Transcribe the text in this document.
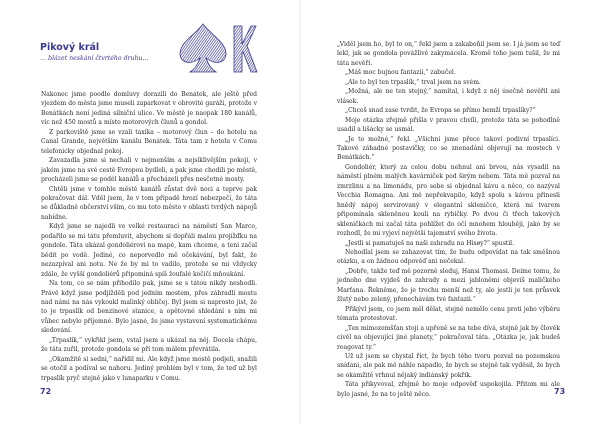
Pikový král
… blázet neskání čtvrtého druhu…

Nakonec jsme poodle domluvy dorazili do Benátek, ale ještě před vjezdem do města jsme museli zaparkovat v obrovité garáži, protože v Benátkách není jediná silniční ulice. Ve městě je naopak 180 kanálů, víc než 450 mostů a místo motorových člunů a gondol.

Z parkoviště jsme se vzali taxíka – motorový člun – do hotelu na Canal Grande, největším kanálu Benátek. Táta tam z hotelu v Comu telefonicky objednal pokoj.

Zavazadla jsme si nechali v nejmenším a nejsíklivějším pokoji, v jakém jsme na své cestě Evropou bydleli, a pak jsme chodili po městě, procházeli jsme se podél kanálů a přecházeli přes nesčetné mosty.

Chtěli jsme v tomhle městě kanálů zůstat dvě noci a teprve pak pokračovat dál. Vděl jsem, že v tom případě hrozí nebezpečí, že táta se důkladně občerství vším, co mu toto město v oblasti tvrdých nápojů nabídne.

Když jsme se najedli ve velké restauraci na náměstí San Marco, podařilo se mi tátu přemluvit, abychom si dopřáli malou projížďku na gondole. Táta ukázal gondoliérovi na mapě, kam chceme, a teni začal bědit po vodě. Jediné, co neporvedlo mě očekávání, byl fakt, že nezazpíval ani notu. Ne že by mi to vadilo, protože se mi vždycky zdálo, že vyšší gondoliérů připomíná spíš žoufalé kočičí mňoukání.

Na tom, co se nám přihodilo pak, jsme se s tátou nikdy neshodli. Právě když jsme podjížděli pod jedním mostem, přes zábradlí mostu nad námi na nás vykoukl malinký obličej. Byl jsem si naprosto jist, že to je trpaslík od benzinové stanice, a opětovné shledání s ním mi vůbec nebylo příjemné. Bylo jasné, že jsme vystavení systematickému sledování.

„Trpaslík,“ vykřikl jsem, vstal jsem a ukázal na něj. Docela chápu, že táta zuřil, protože gondola se při tom málem převrátila.

„Okamžitě si sedni,“ nařídil mi. Ale když jsme mostě podjeli, snažili se otočil a podíval se nahoru. Jediný problém byl v tom, že teď už byl trpaslík pryč stejně jako v lunaparku v Comu.

72

„Viděl jsem ho, byl to on,“ řekl jsem a zakaboňil jsem se. I já jsem se teď lekl, jak se gondola povážlivě zakymácela. Kromě toho jsem tušil, že mi táta nevěří.

„Máš moc bujnou fantazii,“ zabučel.

„Ale to byl ten trpaslík,“ trval jsem na svém.

„Možná, ale ne ten stejný,“ namítal, i když z něj úsečně nevěřil ani vlásek.

„Chceš snad zase tvrdit, že Evropa se přímo hemží trpaslíky?“

Moje otázka zřejmě přišla v pravou chvíli, protože táta se pohodlně usadil a lišácky se usmál.

„Je to možné,“ řekl. „Všichni jsme přece takoví podivní trpaslíci. Takové záhadné postavičky, co se znenadání objevují na mostech v Benátkách.“

Gondoliér, který za celou dobu nehnul ani brvou, nás vysadil na náměstí plném malých kavárniček pod širým nebem. Táta mě pozval na zmrzlinu a na limonádu, pro sebe si objednal kávu a něco, co nazýval Vecchia Romagna. Ani mě nepřekvapilo, když spolu s kávou přinesli hnědý nápoj servírovaný v elegantní skleničce, která mi tvarem připomínala skleněnou kouli na rybičky. Po dvou či třech takových skleničkách mi začal táta pohlížet do očí mnohem hlouběji, jako by se rozhodl, že mi vyjeví největší tajemství svého života.

„Jestli si pamatuješ na naši zahradu na Hisøy?“ spustil.

Nehodlal jsem se zahazovat tím, že budu odpovídat na tak směšnou otázku, a on žádnou odpověď ani nečekal.

„Dobře, takže teď mě pozorně sleduj, Hansi Thomasi. Deime tomu, že jednoho dne vyjdeš do zahrady a mezi jabloněmi objevíš maličkého Marťana. Řekněme, že je trochu menší než ty, ale jestli je ten průsvek žlutý nebo zelený, přenechávám tvé fantazii.“

Přikývl jsem, co jsem měl dělat, stejně nemělo cenu proti jeho výběru témata protestovat.

„Ten mimozemšťan stojí a upřeně se na tebe dívá, stejně jak by člověk civěl na objevující jiné planety,“ pokračoval táta. „Otázka je, jak budeš reagovat ty.“

Už už jsem se chystal říct, že bych tého tvoru pozval na pozemskou snídani, ale pak mě náhle napadlo, že bych se stejně tak vyděsil, že bych se okamžitě vrhnul nějaký indiánský pokřik.

Táta přikyvoval, zřejmě ho moje odpověď uspokojila. Přitom mi ale bylo jasné, že na to ještě něco.	73
